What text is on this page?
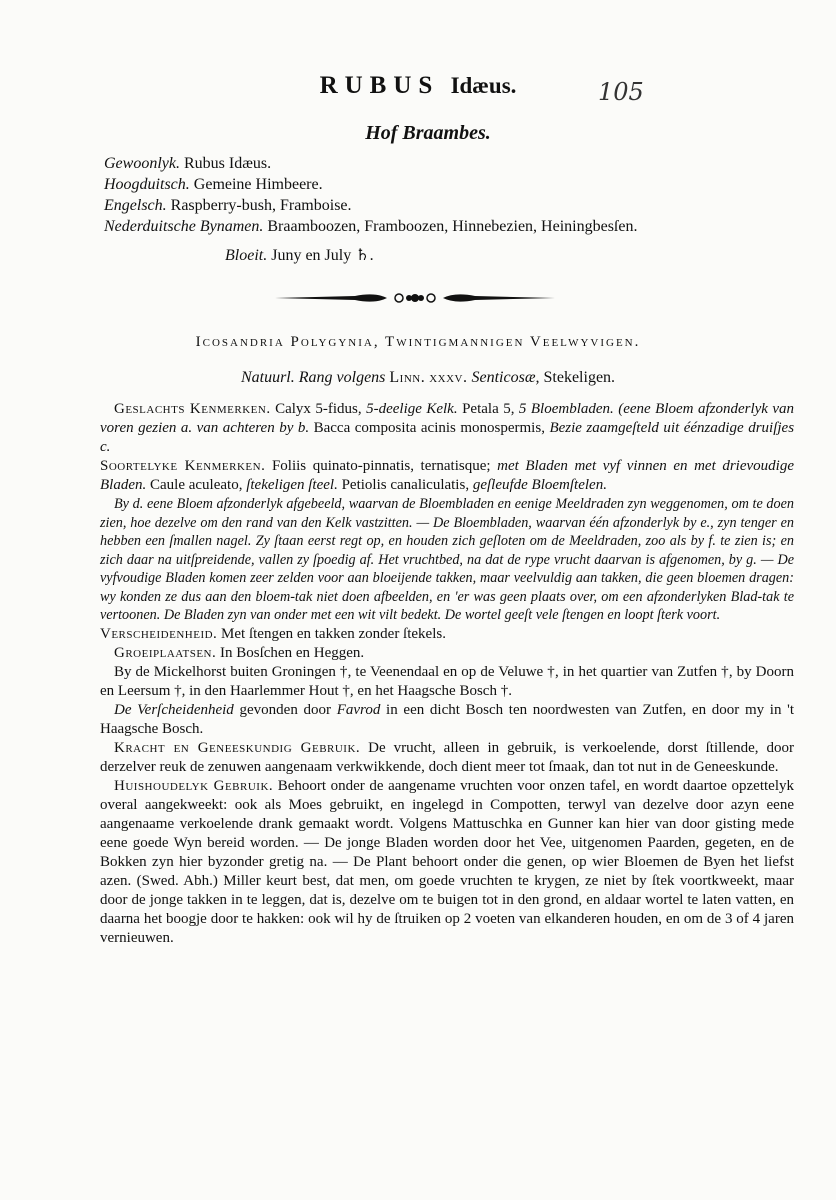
RUBUS Idæus.	105
Hof Braambes.
Gewoonlyk. Rubus Idæus.
Hoogduitsch. Gemeine Himbeere.
Engelsch. Raspberry-bush, Framboise.
Nederduitsche Bynamen. Braamboozen, Framboozen, Hinnebezien, Heiningbesſen.
Bloeit. Juny en July ♄.
Icosandria Polygynia, Twintigmannigen Veelwyvigen.
Natuurl. Rang volgens Linn. xxxv. Senticosæ, Stekeligen.

Geslachts Kenmerken. Calyx 5-fidus, 5-deelige Kelk. Petala 5, 5 Bloembladen. (eene Bloem afzonderlyk van voren gezien a. van achteren by b. Bacca composita acinis monospermis, Bezie zaamgeſteld uit éénzadige druiſjes c.

Soortelyke Kenmerken. Foliis quinato-pinnatis, ternatisque; met Bladen met vyf vinnen en met drievoudige Bladen. Caule aculeato, ſtekeligen ſteel. Petiolis canaliculatis, geſleufde Bloemſtelen.

By d. eene Bloem afzonderlyk afgebeeld, waarvan de Bloembladen en eenige Meeldraden zyn weggenomen, om te doen zien, hoe dezelve om den rand van den Kelk vastzitten. — De Bloembladen, waarvan één afzonderlyk by e., zyn tenger en hebben een ſmallen nagel. Zy ſtaan eerst regt op, en houden zich geſloten om de Meeldraden, zoo als by f. te zien is; en zich daar na uitſpreidende, vallen zy ſpoedig af. Het vruchtbed, na dat de rype vrucht daarvan is afgenomen, by g. — De vyfvoudige Bladen komen zeer zelden voor aan bloeijende takken, maar veelvuldig aan takken, die geen bloemen dragen: wy konden ze dus aan den bloem-tak niet doen afbeelden, en 'er was geen plaats over, om een afzonderlyken Blad-tak te vertoonen. De Bladen zyn van onder met een wit vilt bedekt. De wortel geeſt vele ſtengen en loopt ſterk voort.

Verscheidenheid. Met ſtengen en takken zonder ſtekels.

Groeiplaatsen. In Bosſchen en Heggen.

By de Mickelhorst buiten Groningen †, te Veenendaal en op de Veluwe †, in het quartier van Zutfen †, by Doorn en Leersum †, in den Haarlemmer Hout †, en het Haagsche Bosch †.

De Verſcheidenheid gevonden door Favrod in een dicht Bosch ten noordwesten van Zutfen, en door my in 't Haagsche Bosch.

Kracht en Geneeskundig Gebruik. De vrucht, alleen in gebruik, is verkoelende, dorst ſtillende, door derzelver reuk de zenuwen aangenaam verkwikkende, doch dient meer tot ſmaak, dan tot nut in de Geneeskunde.

Huishoudelyk Gebruik. Behoort onder de aangename vruchten voor onzen tafel, en wordt daartoe opzettelyk overal aangekweekt: ook als Moes gebruikt, en ingelegd in Compotten, terwyl van dezelve door azyn eene aangenaame verkoelende drank gemaakt wordt. Volgens Mattuschka en Gunner kan hier van door gisting mede eene goede Wyn bereid worden. — De jonge Bladen worden door het Vee, uitgenomen Paarden, gegeten, en de Bokken zyn hier byzonder gretig na. — De Plant behoort onder die genen, op wier Bloemen de Byen het liefst azen. (Swed. Abh.) Miller keurt best, dat men, om goede vruchten te krygen, ze niet by ſtek voortkweekt, maar door de jonge takken in te leggen, dat is, dezelve om te buigen tot in den grond, en aldaar wortel te laten vatten, en daarna het boogje door te hakken: ook wil hy de ſtruiken op 2 voeten van elkanderen houden, en om de 3 of 4 jaren vernieuwen.
